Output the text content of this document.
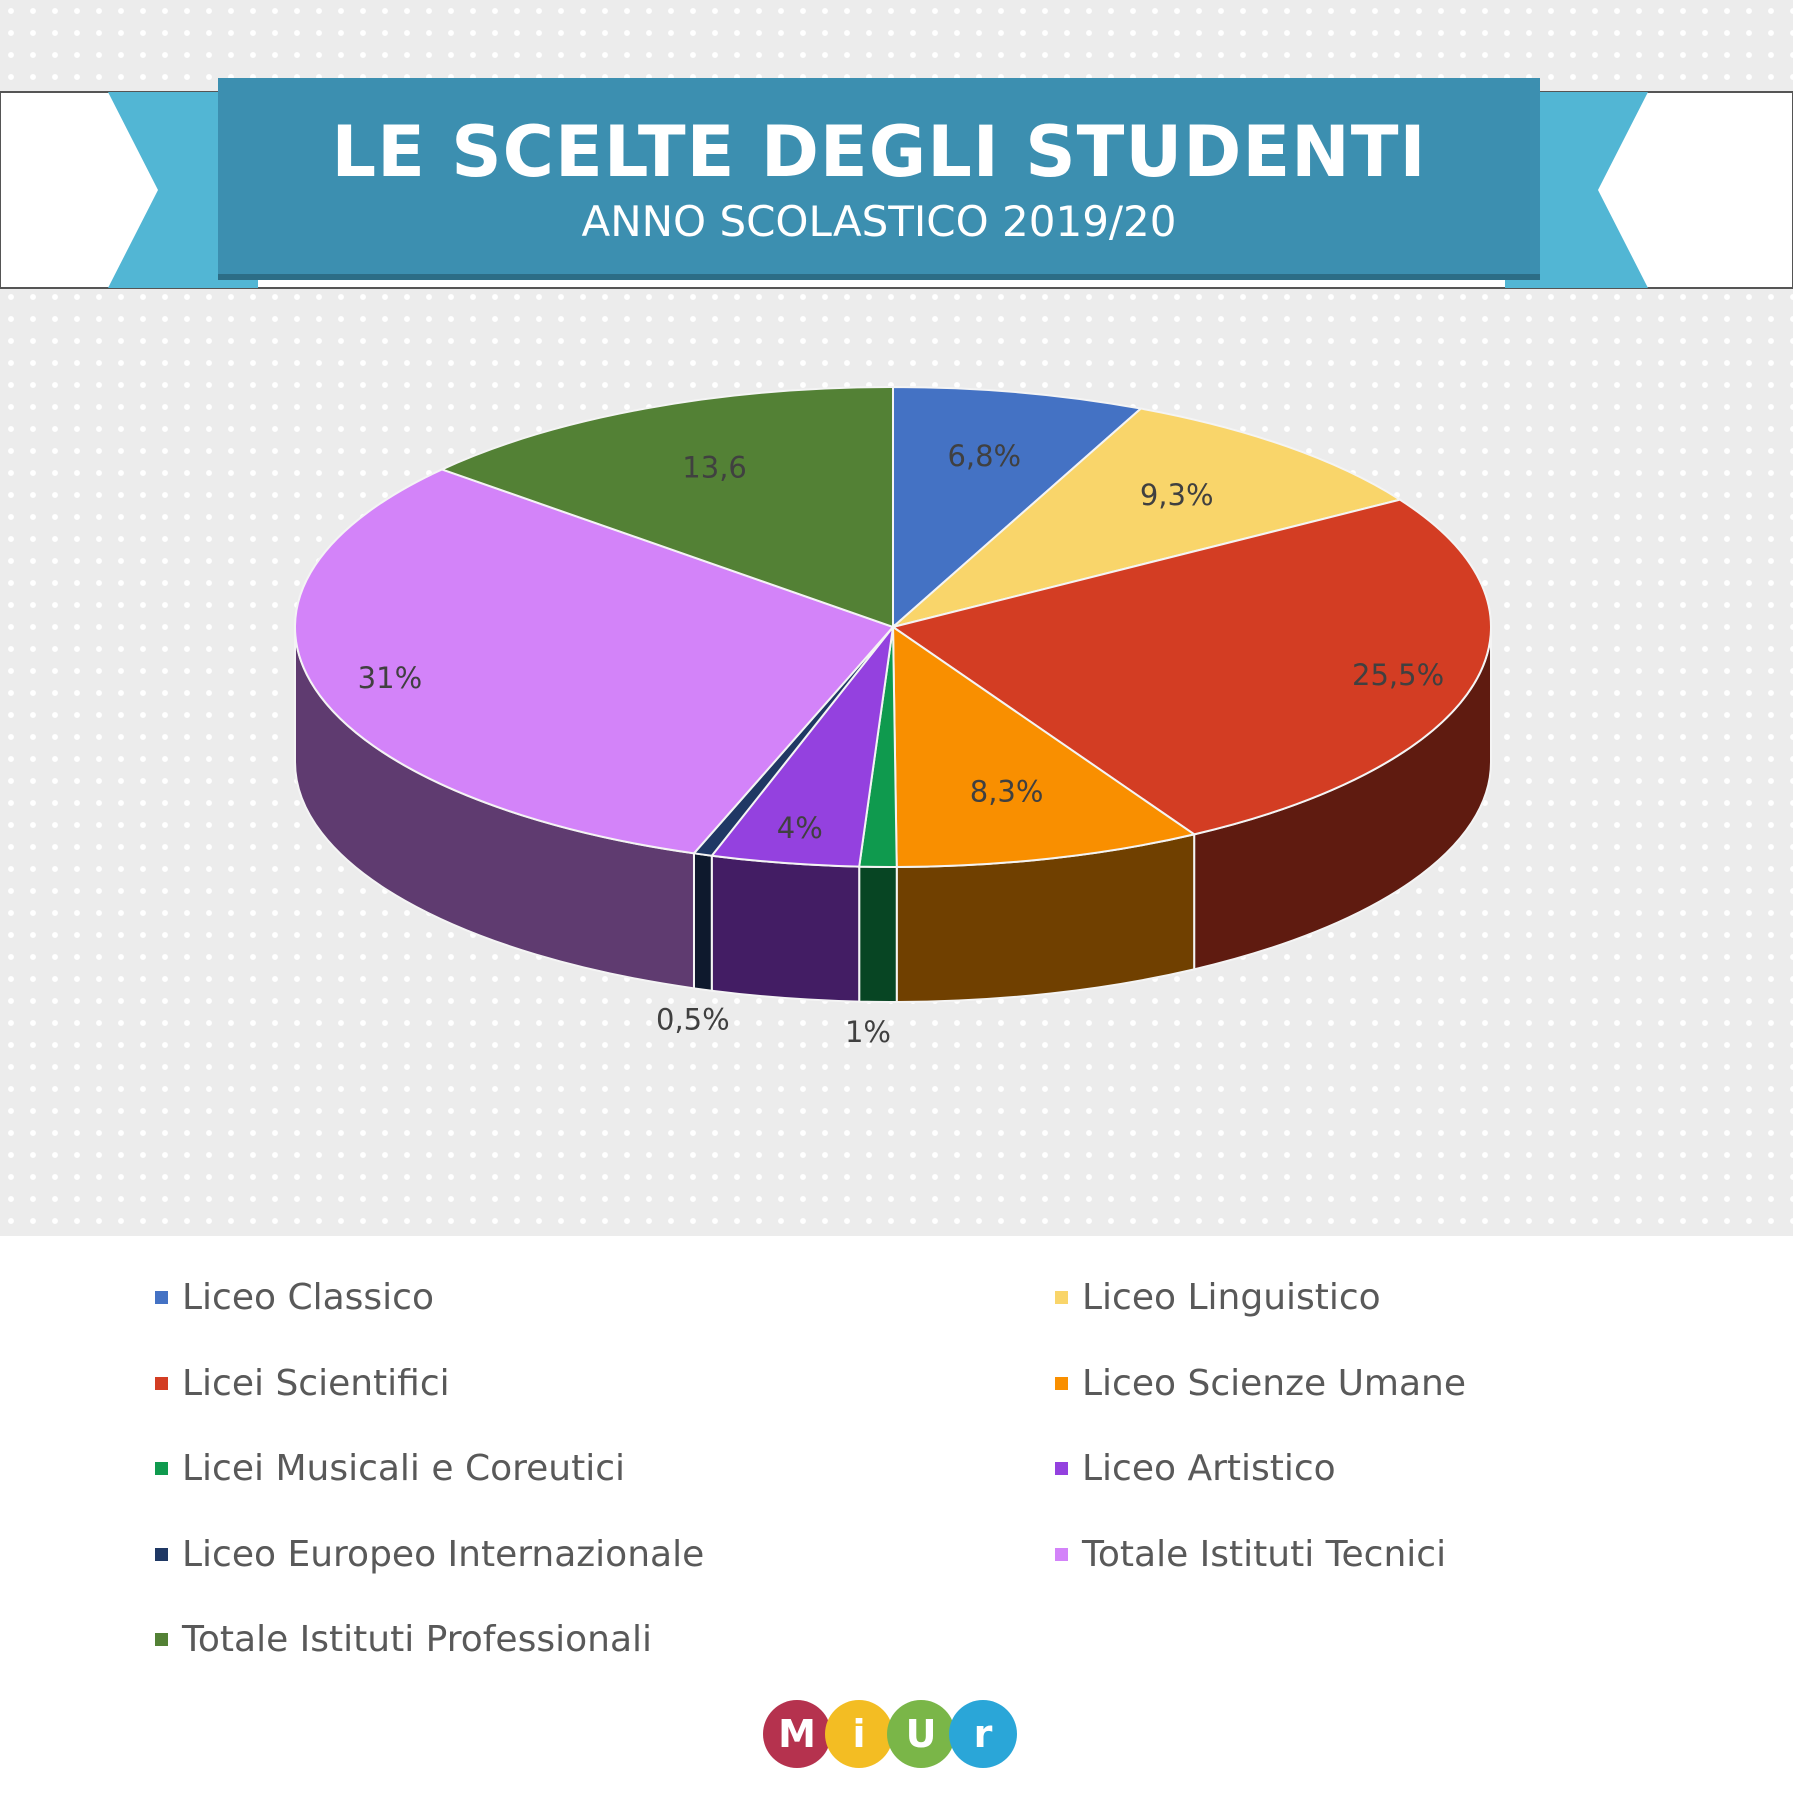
LE SCELTE DEGLI STUDENTI
ANNO SCOLASTICO 2019/20
6,8%
9,3%
25,5%
8,3%
1%
4%
0,5%
31%
13,6
Liceo Classico	Liceo Linguistico
Licei Scientifici	Liceo Scienze Umane
Licei Musicali e Coreutici	Liceo Artistico
Liceo Europeo Internazionale	Totale Istituti Tecnici
Totale Istituti Professionali
M i	U r
